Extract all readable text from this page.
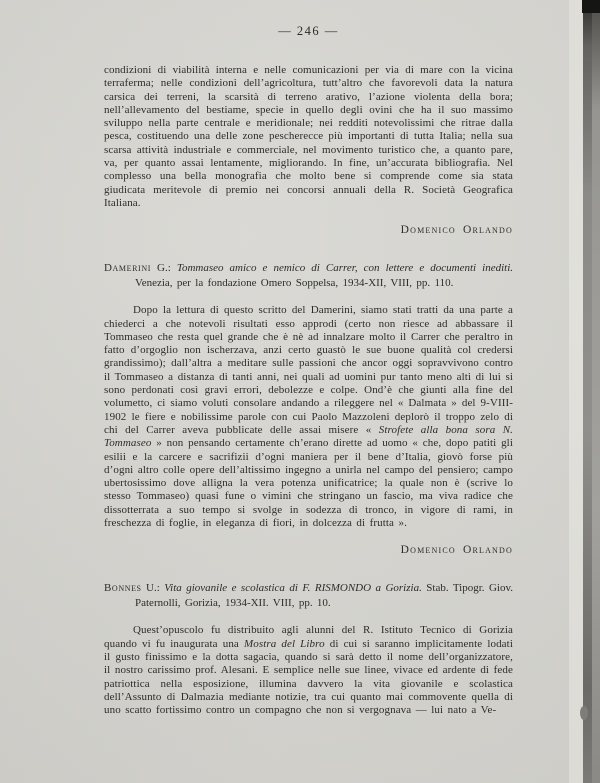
— 246 —

condizioni di viabilità interna e nelle comunicazioni per via di mare con la vicina terraferma; nelle condizioni dell’agricoltura, tutt’altro che favorevoli data la natura carsica dei terreni, la scarsità di terreno arativo, l’azione violenta della bora; nell’allevamento del bestiame, specie in quello degli ovini che ha il suo massimo sviluppo nella parte centrale e meridionale; nei redditi notevolissimi che ritrae dalla pesca, costituendo una delle zone pescherecce più importanti di tutta Italia; nella sua scarsa attività industriale e commerciale, nel movimento turistico che, a quanto pare, va, per quanto assai lentamente, migliorando. In fine, un’accurata bibliografia. Nel complesso una bella monografia che molto bene si comprende come sia stata giudicata meritevole di premio nei concorsi annuali della R. Società Geografica Italiana.

Domenico Orlando

Damerini G.: Tommaseo amico e nemico di Carrer, con lettere e documenti inediti. Venezia, per la fondazione Omero Soppelsa, 1934-XII, VIII, pp. 110.

Dopo la lettura di questo scritto del Damerini, siamo stati tratti da una parte a chiederci a che notevoli risultati esso approdi (certo non riesce ad abbassare il Tommaseo che resta quel grande che è nè ad innalzare molto il Carrer che peraltro in fatto d’orgoglio non ischerzava, anzi certo guastò le sue buone qualità col credersi grandissimo); dall’altra a meditare sulle passioni che ancor oggi sopravvivono contro il Tommaseo a distanza di tanti anni, nei quali ad uomini pur tanto meno alti di lui si sono perdonati così gravi errori, debolezze e colpe. Ond’è che giunti alla fine del volumetto, ci siamo voluti consolare andando a rileggere nel « Dalmata » del 9-VIII-1902 le fiere e nobilissime parole con cui Paolo Mazzoleni deplorò il troppo zelo di chi del Carrer aveva pubblicate delle assai misere « Strofete alla bona sora N. Tommaseo » non pensando certamente ch’erano dirette ad uomo « che, dopo patiti gli esilii e la carcere e sacrifizii d’ogni maniera per il bene d’Italia, giovò forse più d’ogni altro colle opere dell’altissimo ingegno a unirla nel campo del pensiero; campo ubertosissimo dove alligna la vera potenza unificatrice; la quale non è (scrive lo stesso Tommaseo) quasi fune o vimini che stringano un fascio, ma viva radice che dissotterrata a suo tempo si svolge in sodezza di tronco, in vigore di rami, in freschezza di foglie, in eleganza di fiori, in dolcezza di frutta ».

Domenico Orlando

Bonnes U.: Vita giovanile e scolastica di F. RISMONDO a Gorizia. Stab. Tipogr. Giov. Paternolli, Gorizia, 1934-XII. VIII, pp. 10.

Quest’opuscolo fu distribuito agli alunni del R. Istituto Tecnico di Gorizia quando vi fu inaugurata una Mostra del Libro di cui si saranno implicitamente lodati il gusto finissimo e la dotta sagacia, quando si sarà detto il nome dell’organizzatore, il nostro carissimo prof. Alesani. E semplice nelle sue linee, vivace ed ardente di fede patriottica nella esposizione, illumina davvero la vita giovanile e scolastica dell’Assunto di Dalmazia mediante notizie, tra cui quanto mai commovente quella di uno scatto fortissimo contro un compagno che non si vergognava — lui nato a Ve-
